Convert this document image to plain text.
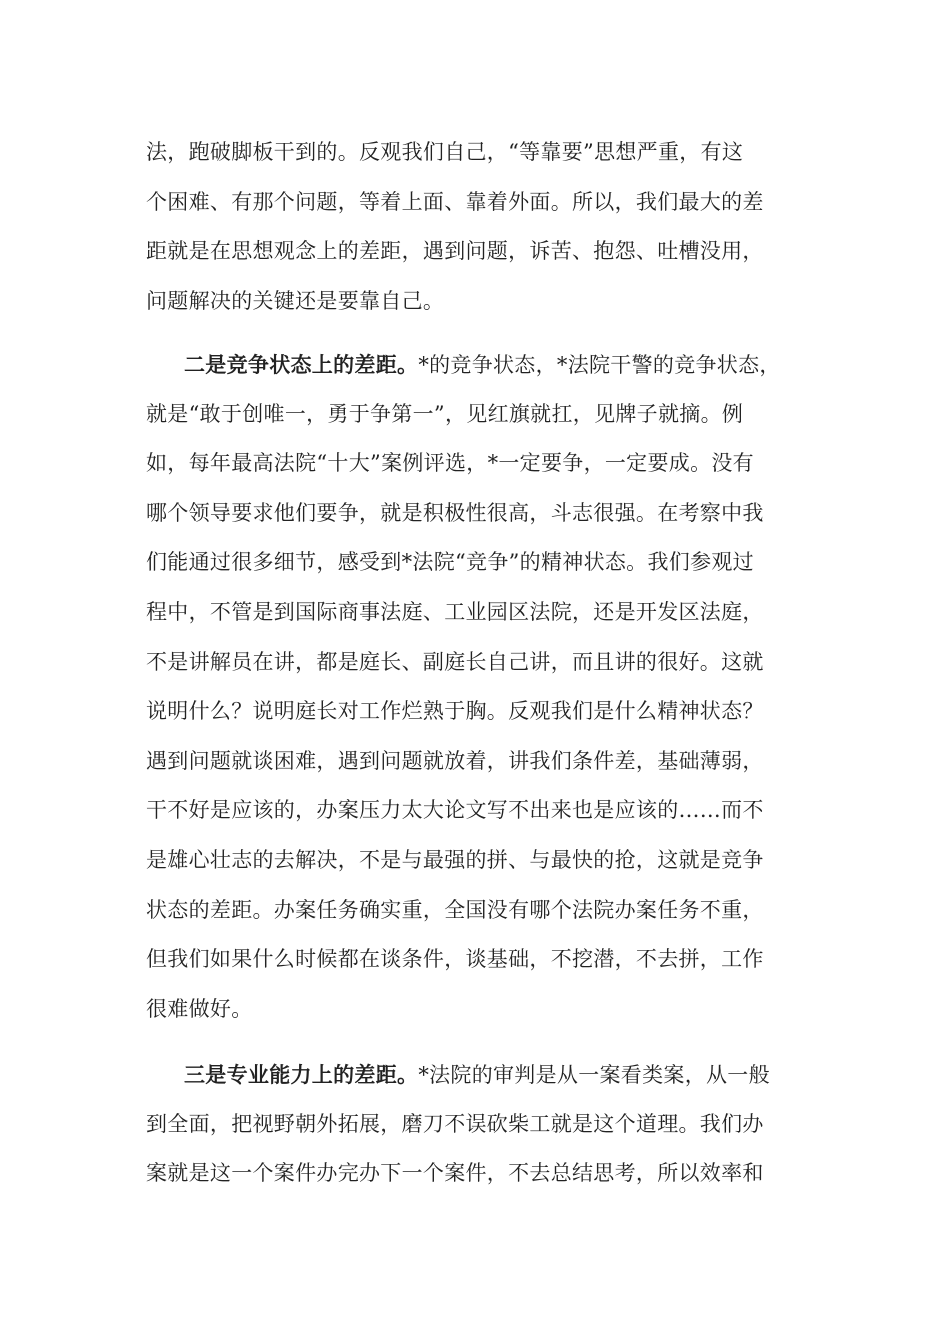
法，跑破脚板干到的。反观我们自己，“等靠要”思想严重，有这
个困难、有那个问题，等着上面、靠着外面。所以，我们最大的差
距就是在思想观念上的差距，遇到问题，诉苦、抱怨、吐槽没用，
问题解决的关键还是要靠自己。
二是竞争状态上的差距。*的竞争状态，*法院干警的竞争状态，
就是“敢于创唯一，勇于争第一”，见红旗就扛，见牌子就摘。例
如，每年最高法院“十大”案例评选，*一定要争，一定要成。没有
哪个领导要求他们要争，就是积极性很高，斗志很强。在考察中我
们能通过很多细节，感受到*法院“竞争”的精神状态。我们参观过
程中，不管是到国际商事法庭、工业园区法院，还是开发区法庭，
不是讲解员在讲，都是庭长、副庭长自己讲，而且讲的很好。这就
说明什么？说明庭长对工作烂熟于胸。反观我们是什么精神状态？
遇到问题就谈困难，遇到问题就放着，讲我们条件差，基础薄弱，
干不好是应该的，办案压力太大论文写不出来也是应该的……而不
是雄心壮志的去解决，不是与最强的拼、与最快的抢，这就是竞争
状态的差距。办案任务确实重，全国没有哪个法院办案任务不重，
但我们如果什么时候都在谈条件，谈基础，不挖潜，不去拼，工作
很难做好。
三是专业能力上的差距。*法院的审判是从一案看类案，从一般
到全面，把视野朝外拓展，磨刀不误砍柴工就是这个道理。我们办
案就是这一个案件办完办下一个案件，不去总结思考，所以效率和
